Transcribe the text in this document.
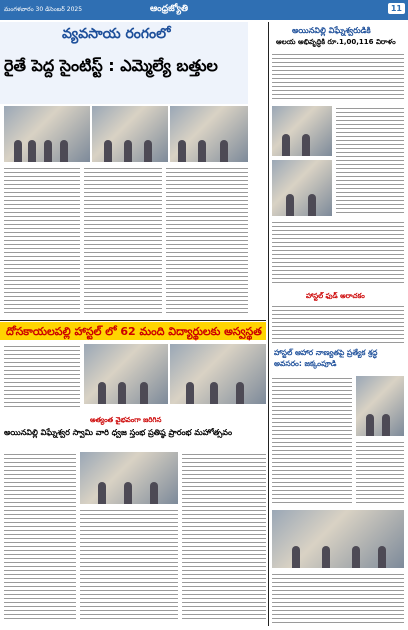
మంగళవారం 30 డిసెంబర్ 2025	ఆంధ్రజ్యోతి	11
వ్యవసాయ రంగంలో
రైతే పెద్ద సైంటిస్ట్ : ఎమ్మెల్యే బత్తుల
దోసకాయలపల్లి హాస్టల్ లో 62 మంది విద్యార్థులకు అస్వస్థత
అత్యంత వైభవంగా జరిగిన
అయినవిల్లి విఘ్నేశ్వర స్వామి వారి ధ్వజ స్తంభ ప్రతిష్ఠ ప్రారంభ మహోత్సవం
అయినవిల్లి విఘ్నేశ్వరుడికి
ఆలయ అభివృద్ధికి రూ.1,00,116 విరాళం
హాస్టల్ ఫుడ్ అరాచకం
హాస్టల్ ఆహార నాణ్యతపై ప్రత్యేక శ్రద్ధ అవసరం: జక్కంపూడి
